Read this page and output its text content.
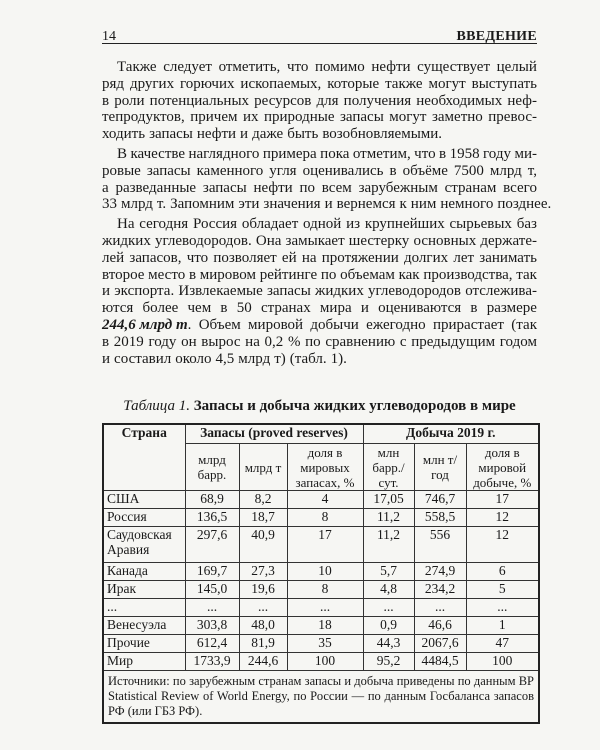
14	ВВЕДЕНИЕ
Также следует отметить, что помимо нефти существует целый
ряд других горючих ископаемых, которые также могут выступать
в роли потенциальных ресурсов для получения необходимых неф-
тепродуктов, причем их природные запасы могут заметно превос-
ходить запасы нефти и даже быть возобновляемыми.
В качестве наглядного примера пока отметим, что в 1958 году ми-
ровые запасы каменного угля оценивались в объёме 7500 млрд т,
а разведанные запасы нефти по всем зарубежным странам всего
33 млрд т. Запомним эти значения и вернемся к ним немного позднее.
На сегодня Россия обладает одной из крупнейших сырьевых баз
жидких углеводородов. Она замыкает шестерку основных держате-
лей запасов, что позволяет ей на протяжении долгих лет занимать
второе место в мировом рейтинге по объемам как производства, так
и экспорта. Извлекаемые запасы жидких углеводородов отслежива-
ются более чем в 50 странах мира и оцениваются в размере
244,6 млрд т . Объем мировой добычи ежегодно прирастает (так
в 2019 году он вырос на 0,2 % по сравнению с предыдущим годом
и составил около 4,5 млрд т) (табл. 1).
Таблица 1. Запасы и добыча жидких углеводородов в мире
Страна	Запасы (proved reserves)			Добыча 2019 г.		
	млрд барр.	млрд т	доля в мировых запасах, %	млн барр./ сут.	млн т/ год	доля в мировой добыче, %
США	68,9	8,2	4	17,05	746,7	17
Россия	136,5	18,7	8	11,2	558,5	12
Саудовская Аравия	297,6	40,9	17	11,2	556	12
Канада	169,7	27,3	10	5,7	274,9	6
Ирак	145,0	19,6	8	4,8	234,2	5
...	...	...	...	...	...	...
Венесуэла	303,8	48,0	18	0,9	46,6	1
Прочие	612,4	81,9	35	44,3	2067,6	47
Мир	1733,9	244,6	100	95,2	4484,5	100
Источники: по зарубежным странам запасы и добыча приведены по данным BP Statistical Review of World Energy, по России — по данным Госбаланса запасов РФ (или ГБЗ РФ).						
